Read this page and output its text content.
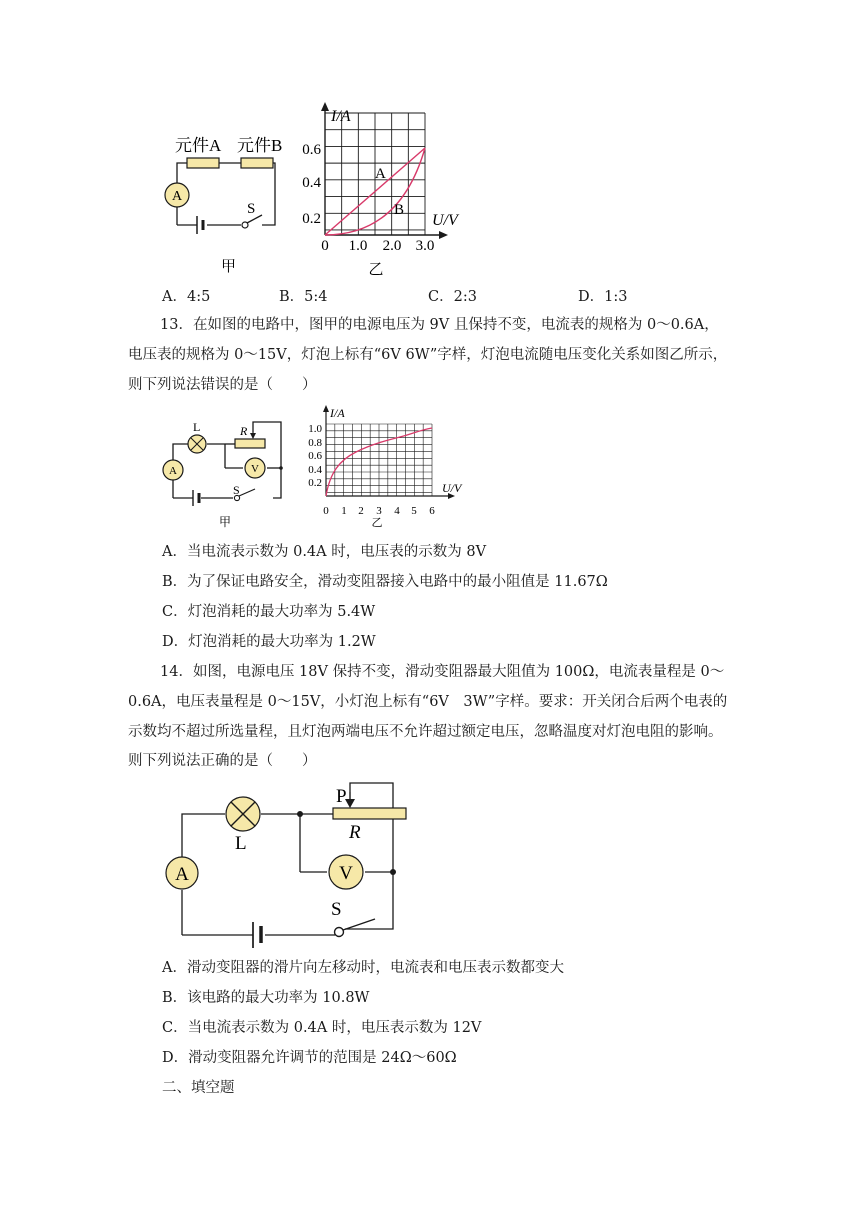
A
元件A 元件B
S
甲
I/A
U/V
A
B
0.6
0.4
0.2
0 1.0 2.0 3.0
乙
A．4:5	B．5:4	C．2:3	D．1:3
13．在如图的电路中，图甲的电源电压为 9V 且保持不变，电流表的规格为 0～0.6A，
电压表的规格为 0～15V，灯泡上标有“6V 6W”字样，灯泡电流随电压变化关系如图乙所示，
则下列说法错误的是（　　）
A	V
L	R
S
甲
I/A
U/V
1.0
0.8
0.6
0.4
0.2
0 1 2 3 4 5 6
乙
A．当电流表示数为 0.4A 时，电压表的示数为 8V
B．为了保证电路安全，滑动变阻器接入电路中的最小阻值是 11.67Ω
C．灯泡消耗的最大功率为 5.4W
D．灯泡消耗的最大功率为 1.2W
14．如图，电源电压 18V 保持不变，滑动变阻器最大阻值为 100Ω，电流表量程是 0～
0.6A，电压表量程是 0～15V，小灯泡上标有“6V　3W”字样。要求：开关闭合后两个电表的
示数均不超过所选量程，且灯泡两端电压不允许超过额定电压，忽略温度对灯泡电阻的影响。
则下列说法正确的是（　　）
A	V
L
P
R
S
A．滑动变阻器的滑片向左移动时，电流表和电压表示数都变大
B．该电路的最大功率为 10.8W
C．当电流表示数为 0.4A 时，电压表示数为 12V
D．滑动变阻器允许调节的范围是 24Ω～60Ω
二、填空题
